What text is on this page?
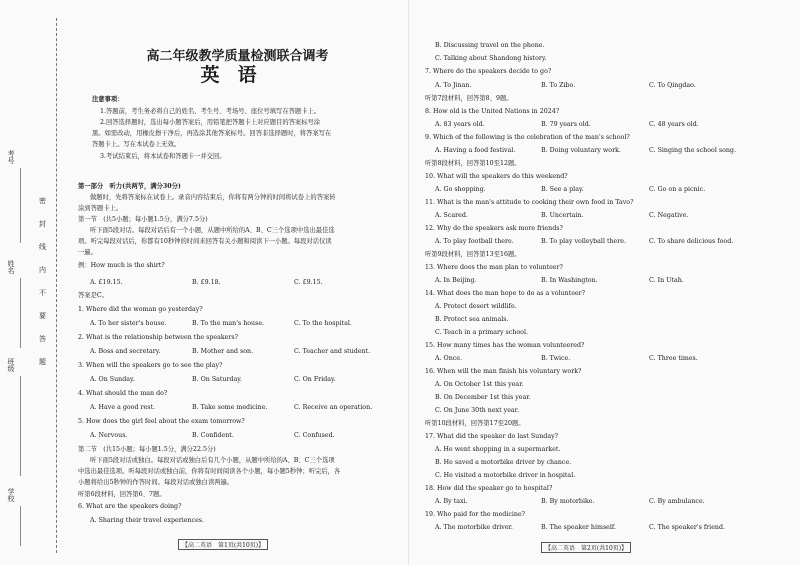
考号
姓名
班级
学校
密
封
线
内
不
要
答
题
高二年级教学质量检测联合调考
英语
注意事项：
1.答题前，考生务必将自己的姓名、考生号、考场号、座位号填写在答题卡上。
2.回答选择题时，选出每小题答案后，用铅笔把答题卡上对应题目的答案标号涂
黑。如需改动，用橡皮擦干净后，再选涂其他答案标号。回答非选择题时，将答案写在
答题卡上。写在本试卷上无效。
3.考试结束后，将本试卷和答题卡一并交回。
第一部分　听力(共两节，满分30分)
做题时，先将答案标在试卷上。录音内容结束后，你将有两分钟的时间将试卷上的答案转
涂到答题卡上。
第一节　(共5小题；每小题1.5分，满分7.5分)
听下面5段对话。每段对话后有一个小题，从题中所给的A、B、C三个选项中选出最佳选
项。听完每段对话后，你都有10秒钟的时间来回答有关小题和阅读下一小题。每段对话仅读
一遍。
例：How much is the shirt?
A. £19.15.	B. £9.18.	C. £9.15.
答案是C。
1. Where did the woman go yesterday?
A. To her sister's house.	B. To the man's house.	C. To the hospital.
2. What is the relationship between the speakers?
A. Boss and secretary.	B. Mother and son.	C. Teacher and student.
3. When will the speakers go to see the play?
A. On Sunday.	B. On Saturday.	C. On Friday.
4. What should the man do?
A. Have a good rest.	B. Take some medicine.	C. Receive an operation.
5. How does the girl feel about the exam tomorrow?
A. Nervous.	B. Confident.	C. Confused.
第二节　(共15小题；每小题1.5分，满分22.5分)
听下面5段对话或独白。每段对话或独白后有几个小题，从题中所给的A、B、C三个选项
中选出最佳选项。听每段对话或独白前，你将有时间阅读各个小题，每小题5秒钟；听完后，各
小题将给出5秒钟的作答时间。每段对话或独白读两遍。
听第6段材料，回答第6、7题。
6. What are the speakers doing?
A. Sharing their travel experiences.
【高二英语　第1页(共10页)】
B. Discussing travel on the phone.
C. Talking about Shandong history.
7. Where do the speakers decide to go?
A. To Jinan.	B. To Zibo.	C. To Qingdao.
听第7段材料，回答第8、9题。
8. How old is the United Nations in 2024?
A. 83 years old.	B. 79 years old.	C. 48 years old.
9. Which of the following is the celebration of the man's school?
A. Having a food festival.	B. Doing voluntary work.	C. Singing the school song.
听第8段材料，回答第10至12题。
10. What will the speakers do this weekend?
A. Go shopping.	B. See a play.	C. Go on a picnic.
11. What is the man's attitude to cooking their own food in Tavo?
A. Scared.	B. Uncertain.	C. Negative.
12. Why do the speakers ask more friends?
A. To play football there.	B. To play volleyball there.	C. To share delicious food.
听第9段材料，回答第13至16题。
13. Where does the man plan to volunteer?
A. In Beijing.	B. In Washington.	C. In Utah.
14. What does the man hope to do as a volunteer?
A. Protect desert wildlife.
B. Protect sea animals.
C. Teach in a primary school.
15. How many times has the woman volunteered?
A. Once.	B. Twice.	C. Three times.
16. When will the man finish his voluntary work?
A. On October 1st this year.
B. On December 1st this year.
C. On June 30th next year.
听第10段材料，回答第17至20题。
17. What did the speaker do last Sunday?
A. He went shopping in a supermarket.
B. He saved a motorbike driver by chance.
C. He visited a motorbike driver in hospital.
18. How did the speaker go to hospital?
A. By taxi.	B. By motorbike.	C. By ambulance.
19. Who paid for the medicine?
A. The motorbike driver.	B. The speaker himself.	C. The speaker's friend.
【高二英语　第2页(共10页)】
